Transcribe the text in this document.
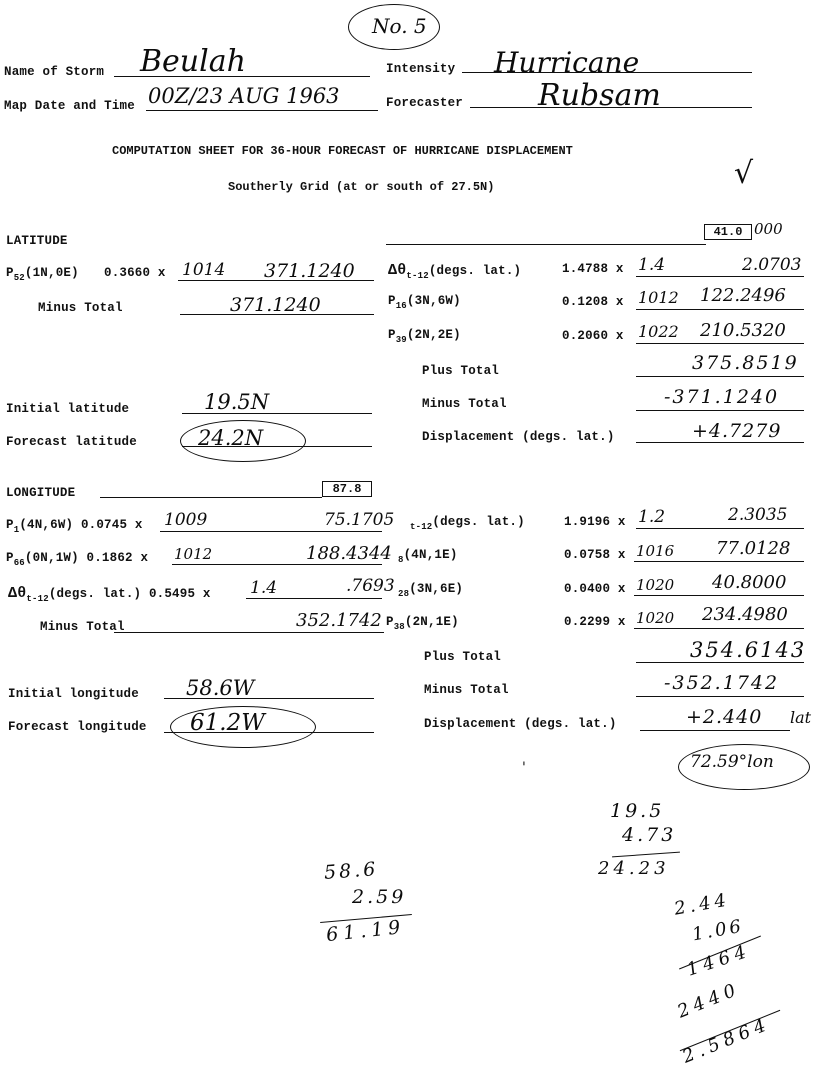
No. 5
Name of Storm Beulah	Intensity Hurricane
Map Date and Time 00Z/23 AUG 1963	Forecaster Rubsam
COMPUTATION SHEET FOR 36-HOUR FORECAST OF HURRICANE DISPLACEMENT
Southerly Grid (at or south of 27.5N)	√
LATITUDE
41.0 000
$P_{52}(1N,0E)$ 0.3660 x 1014 371.1240
Minus Total	371.1240
Initial latitude	19.5N
Forecast latitude	24.2N
$\Delta\theta_{t-12}(degs$. lat.)	1.4788 x 1.4	2.0703
$P_{16}(3N,6W)$	0.1208 x 1012 122.2496
$P_{39}(2N,2E)$	0.2060 x 1022 210.5320
Plus Total	375.8519
Minus Total	-371.1240
Displacement (degs. lat.)	+4.7279
LONGITUDE	87.8
$P_1(4N,6W)$ 0.0745 x 1009	75.1705
$P_{66}(0N,1W)$ 0.1862 x 1012	188.4344
$\Delta\theta_{t-12}(degs$. lat.) 0.5495 x 1.4	.7693
Minus Total	352.1742
Initial longitude 58.6W
Forecast longitude 61.2W
$_{t-12}$(degs. lat.)	1.9196 x 1.2	2.3035
$_8$(4N,1E)	0.0758 x 1016 77.0128
$_{28}$(3N,6E)	0.0400 x 1020 40.8000
$P_{38}(2N,1E)$	0.2299 x 1020 234.4980
Plus Total	354.6143
Minus Total	-352.1742
Displacement (degs. lat.)	+2.440 lat
72.59°lon
'
19.5
4.73
24.23
58.6
2.59
61.19
2.44
1.06
1464
2440
2.5864
